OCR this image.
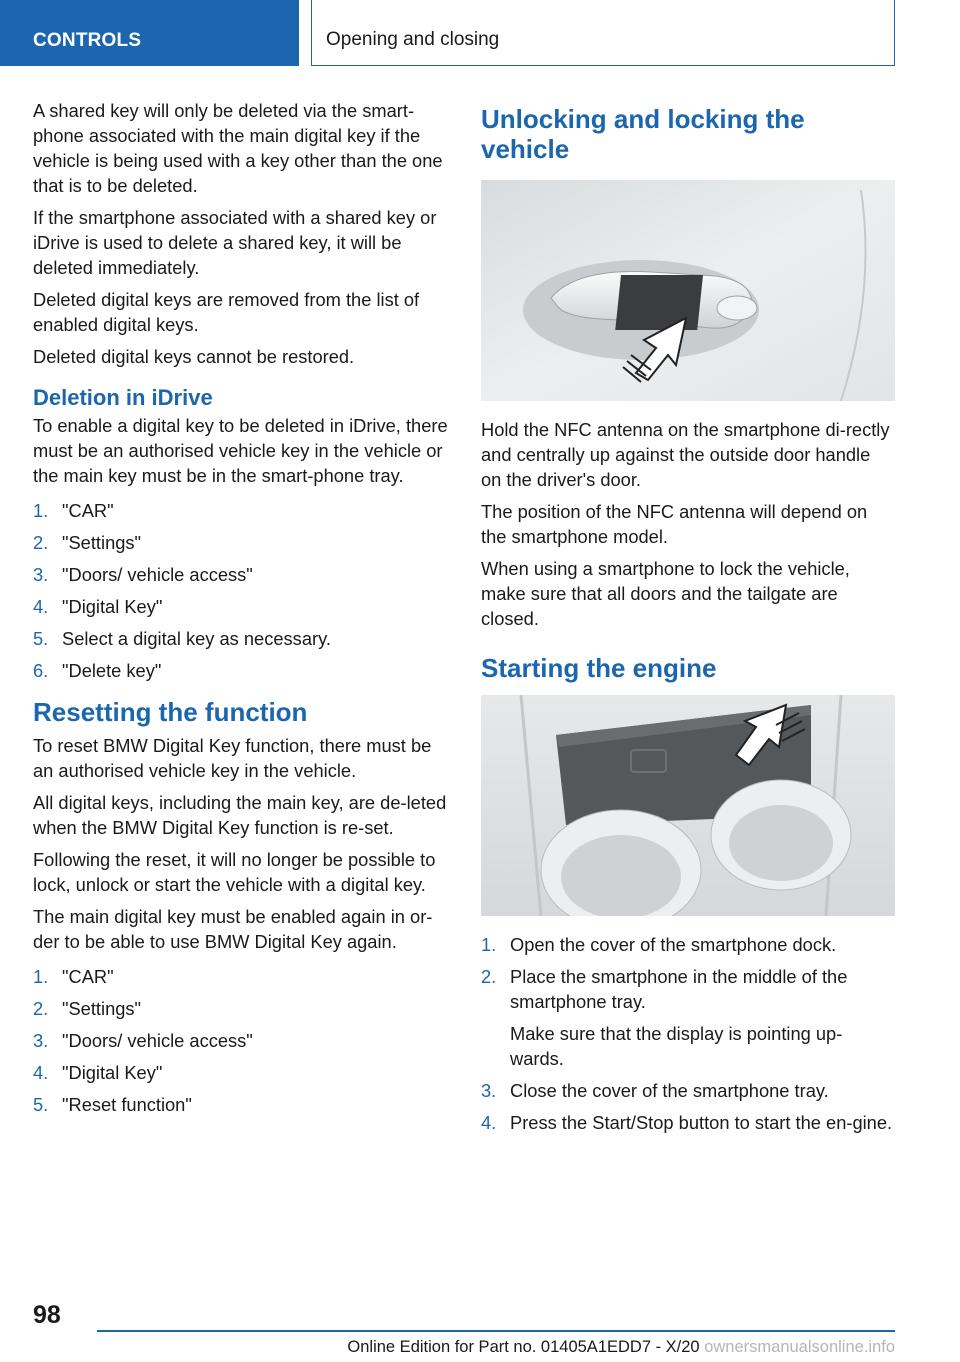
CONTROLS	Opening and closing

A shared key will only be deleted via the smart-phone associated with the main digital key if the vehicle is being used with a key other than the one that is to be deleted.

If the smartphone associated with a shared key or iDrive is used to delete a shared key, it will be deleted immediately.

Deleted digital keys are removed from the list of enabled digital keys.

Deleted digital keys cannot be restored.

Deletion in iDrive

To enable a digital key to be deleted in iDrive, there must be an authorised vehicle key in the vehicle or the main key must be in the smart-phone tray.

1. "CAR"
2. "Settings"
3. "Doors/ vehicle access"
4. "Digital Key"
5. Select a digital key as necessary.
6. "Delete key"
Resetting the function

To reset BMW Digital Key function, there must be an authorised vehicle key in the vehicle.

All digital keys, including the main key, are de-leted when the BMW Digital Key function is re-set.

Following the reset, it will no longer be possible to lock, unlock or start the vehicle with a digital key.

The main digital key must be enabled again in or-der to be able to use BMW Digital Key again.

1. "CAR"
2. "Settings"
3. "Doors/ vehicle access"
4. "Digital Key"
5. "Reset function"
Unlocking and locking the vehicle

Hold the NFC antenna on the smartphone di-rectly and centrally up against the outside door handle on the driver's door.

The position of the NFC antenna will depend on the smartphone model.

When using a smartphone to lock the vehicle, make sure that all doors and the tailgate are closed.

Starting the engine
1. Open the cover of the smartphone dock.
2. Place the smartphone in the middle of the smartphone tray.
Make sure that the display is pointing up-wards.
3. Close the cover of the smartphone tray.
4. Press the Start/Stop button to start the en-gine.
98
Online Edition for Part no. 01405A1EDD7 - X/20 ownersmanualsonline.info
